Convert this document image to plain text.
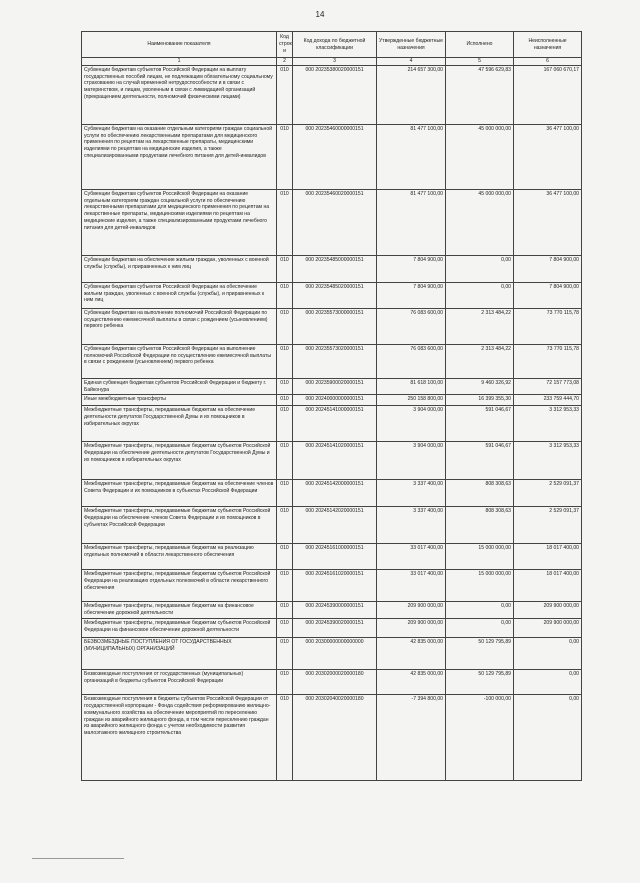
14
Наименование показателя	Код строк и	Код дохода по бюджетной классификации	Утвержденные бюджетные назначения	Исполнено	Неисполненные назначения
1	2	3	4	5	6
Субвенции бюджетам субъектов Российской Федерации на выплату государственных пособий лицам, не подлежащим обязательному социальному страхованию на случай временной нетрудоспособности и в связи с материнством, и лицам, уволенным в связи с ликвидацией организаций (прекращением деятельности, полномочий физическими лицами)	010	000 20235380020000151	214 657 300,00	47 596 629,83	167 060 670,17
Субвенции бюджетам на оказание отдельным категориям граждан социальной услуги по обеспечению лекарственными препаратами для медицинского применения по рецептам на лекарственные препараты, медицинскими изделиями по рецептам на медицинские изделия, а также специализированными продуктами лечебного питания для детей-инвалидов	010	000 20235460000000151	81 477 100,00	45 000 000,00	36 477 100,00
Субвенции бюджетам субъектов Российской Федерации на оказание отдельным категориям граждан социальной услуги по обеспечению лекарственными препаратами для медицинского применения по рецептам на лекарственные препараты, медицинскими изделиями по рецептам на медицинские изделия, а также специализированными продуктами лечебного питания для детей-инвалидов	010	000 20235460020000151	81 477 100,00	45 000 000,00	36 477 100,00
Субвенции бюджетам на обеспечение жильем граждан, уволенных с военной службы (службы), и приравненных к ним лиц	010	000 20235485000000151	7 804 900,00	0,00	7 804 900,00
Субвенции бюджетам субъектов Российской Федерации на обеспечение жильем граждан, уволенных с военной службы (службы), и приравненных к ним лиц	010	000 20235485020000151	7 804 900,00	0,00	7 804 900,00
Субвенции бюджетам на выполнение полномочий Российской Федерации по осуществлению ежемесячной выплаты в связи с рождением (усыновлением) первого ребенка	010	000 20235573000000151	76 083 600,00	2 313 484,22	73 770 115,78
Субвенции бюджетам субъектов Российской Федерации на выполнение полномочий Российской Федерации по осуществлению ежемесячной выплаты в связи с рождением (усыновлением) первого ребенка	010	000 20235573020000151	76 083 600,00	2 313 484,22	73 770 115,78
Единая субвенция бюджетам субъектов Российской Федерации и бюджету г. Байконура	010	000 20235900020000151	81 618 100,00	9 460 326,92	72 157 773,08
Иные межбюджетные трансферты	010	000 20240000000000151	250 158 800,00	16 399 355,30	233 759 444,70
Межбюджетные трансферты, передаваемые бюджетам на обеспечение деятельности депутатов Государственной Думы и их помощников в избирательных округах	010	000 20245141000000151	3 904 000,00	591 046,67	3 312 953,33
Межбюджетные трансферты, передаваемые бюджетам субъектов Российской Федерации на обеспечение деятельности депутатов Государственной Думы и их помощников в избирательных округах	010	000 20245141020000151	3 904 000,00	591 046,67	3 312 953,33
Межбюджетные трансферты, передаваемые бюджетам на обеспечение членов Совета Федерации и их помощников в субъектах Российской Федерации	010	000 20245142000000151	3 337 400,00	808 308,63	2 529 091,37
Межбюджетные трансферты, передаваемые бюджетам субъектов Российской Федерации на обеспечение членов Совета Федерации и их помощников в субъектах Российской Федерации	010	000 20245142020000151	3 337 400,00	808 308,63	2 529 091,37
Межбюджетные трансферты, передаваемые бюджетам на реализацию отдельных полномочий в области лекарственного обеспечения	010	000 20245161000000151	33 017 400,00	15 000 000,00	18 017 400,00
Межбюджетные трансферты, передаваемые бюджетам субъектов Российской Федерации на реализацию отдельных полномочий в области лекарственного обеспечения	010	000 20245161020000151	33 017 400,00	15 000 000,00	18 017 400,00
Межбюджетные трансферты, передаваемые бюджетам на финансовое обеспечение дорожной деятельности	010	000 20245390000000151	209 900 000,00	0,00	209 900 000,00
Межбюджетные трансферты, передаваемые бюджетам субъектов Российской Федерации на финансовое обеспечение дорожной деятельности	010	000 20245390020000151	209 900 000,00	0,00	209 900 000,00
БЕЗВОЗМЕЗДНЫЕ ПОСТУПЛЕНИЯ ОТ ГОСУДАРСТВЕННЫХ (МУНИЦИПАЛЬНЫХ) ОРГАНИЗАЦИЙ	010	000 20300000000000000	42 835 000,00	50 129 795,89	0,00
Безвозмездные поступления от государственных (муниципальных) организаций в бюджеты субъектов Российской Федерации	010	000 20302000020000180	42 835 000,00	50 129 795,89	0,00
Безвозмездные поступления в бюджеты субъектов Российской Федерации от государственной корпорации - Фонда содействия реформированию жилищно-коммунального хозяйства на обеспечение мероприятий по переселению граждан из аварийного жилищного фонда, в том числе переселению граждан из аварийного жилищного фонда с учетом необходимости развития малоэтажного жилищного строительства	010	000 20302040020000180	-7 394 800,00	-100 000,00	0,00
